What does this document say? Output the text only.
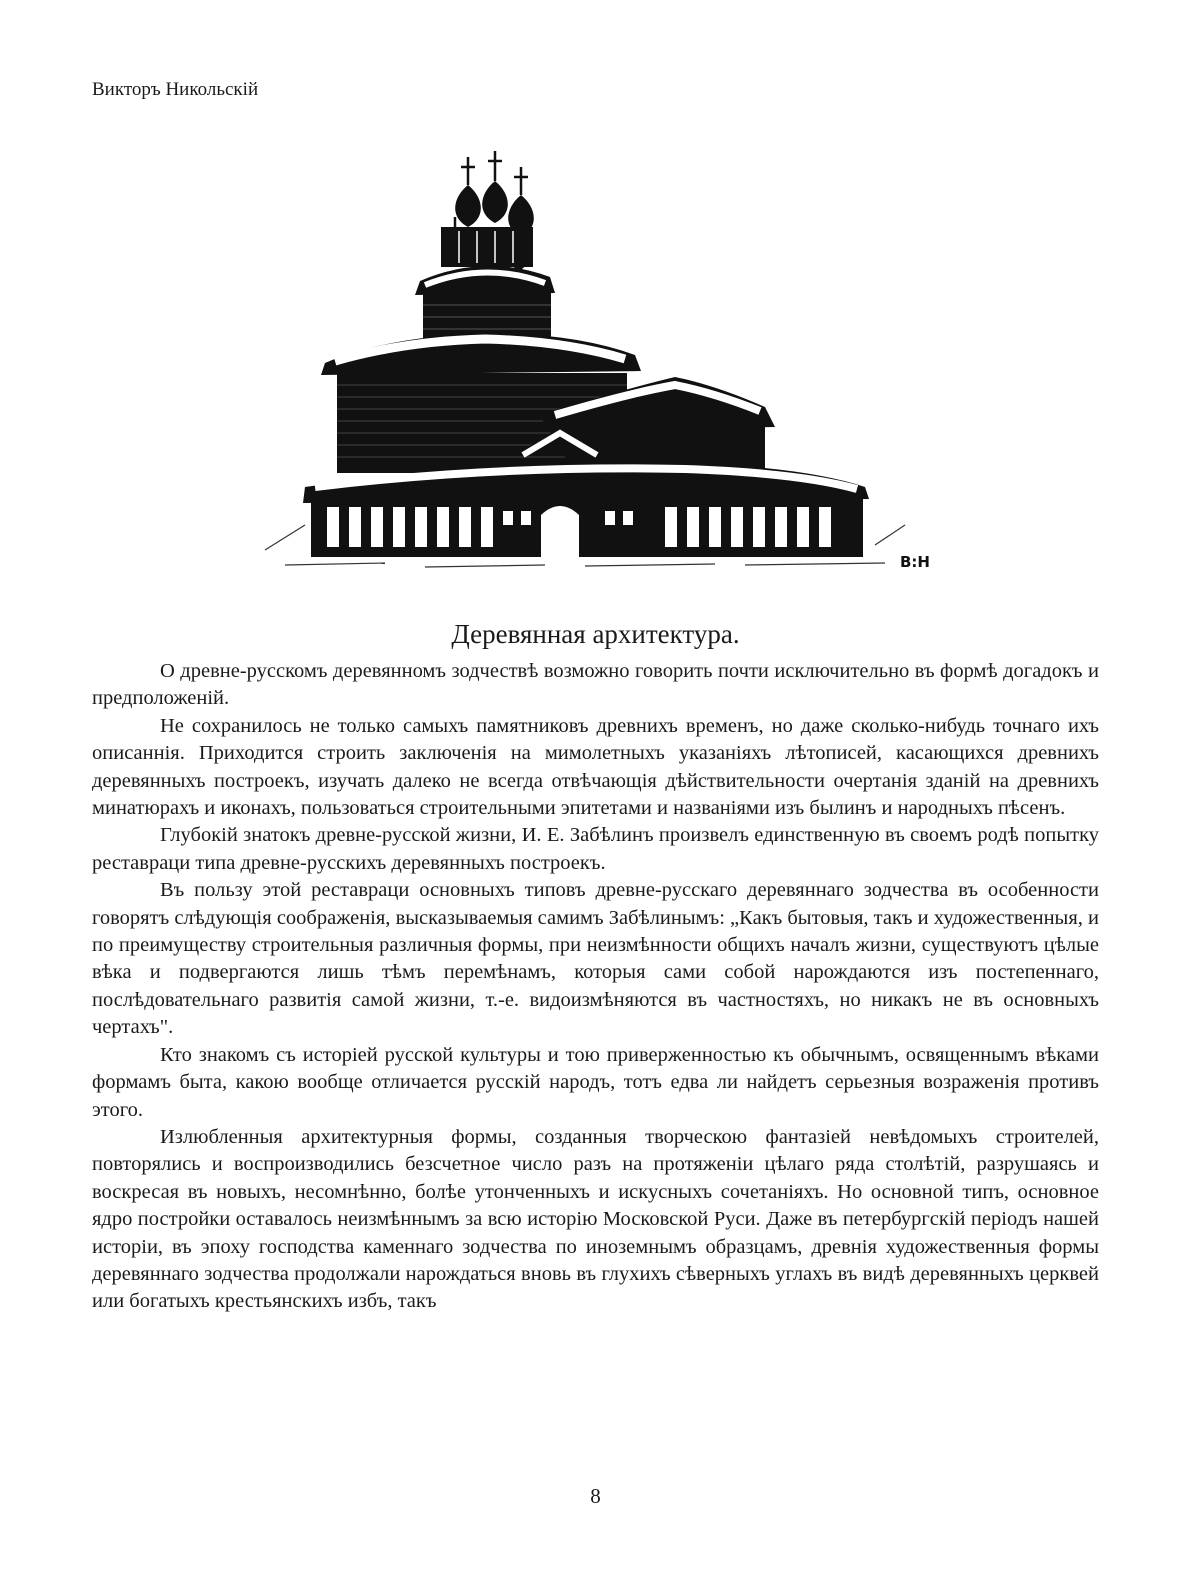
Викторъ Никольскій
В:Н
Деревянная архитектура.

О древне-русскомъ деревянномъ зодчествѣ возможно говорить почти исключительно въ формѣ догадокъ и предположеній.

Не сохранилось не только самыхъ памятниковъ древнихъ временъ, но даже сколько-нибудь точнаго ихъ описаннія. Приходится строить заключенія на мимолетныхъ указаніяхъ лѣтописей, касающихся древнихъ деревянныхъ построекъ, изучать далеко не всегда отвѣчающія дѣйствительности очертанія зданій на древнихъ минатюрахъ и иконахъ, пользоваться строительными эпитетами и названіями изъ былинъ и народныхъ пѣсенъ.

Глубокій знатокъ древне-русской жизни, И. Е. Забѣлинъ произвелъ единственную въ своемъ родѣ попытку реставраци типа древне-русскихъ деревянныхъ построекъ.

Въ пользу этой реставраци основныхъ типовъ древне-русскаго деревяннаго зодчества въ особенности говорятъ слѣдующія соображенія, высказываемыя самимъ Забѣлинымъ: „Какъ бытовыя, такъ и художественныя, и по преимуществу строительныя различныя формы, при неизмѣнности общихъ началъ жизни, существуютъ цѣлые вѣка и подвергаются лишь тѣмъ перемѣнамъ, которыя сами собой нарождаются изъ постепеннаго, послѣдовательнаго развитія самой жизни, т.-е. видоизмѣняются въ частностяхъ, но никакъ не въ основныхъ чертахъ".

Кто знакомъ съ исторіей русской культуры и тою приверженностью къ обычнымъ, освященнымъ вѣками формамъ быта, какою вообще отличается русскій народъ, тотъ едва ли найдетъ серьезныя возраженія противъ этого.

Излюбленныя архитектурныя формы, созданныя творческою фантазіей невѣдомыхъ строителей, повторялись и воспроизводились безсчетное число разъ на протяженіи цѣлаго ряда столѣтій, разрушаясь и воскресая въ новыхъ, несомнѣнно, болѣе утонченныхъ и искусныхъ сочетаніяхъ. Но основной типъ, основное ядро постройки оставалось неизмѣннымъ за всю исторію Московской Руси. Даже въ петербургскій періодъ нашей исторіи, въ эпоху господства каменнаго зодчества по иноземнымъ образцамъ, древнія художественныя формы деревяннаго зодчества продолжали нарождаться вновь въ глухихъ сѣверныхъ углахъ въ видѣ деревянныхъ церквей или богатыхъ крестьянскихъ избъ, такъ

8
